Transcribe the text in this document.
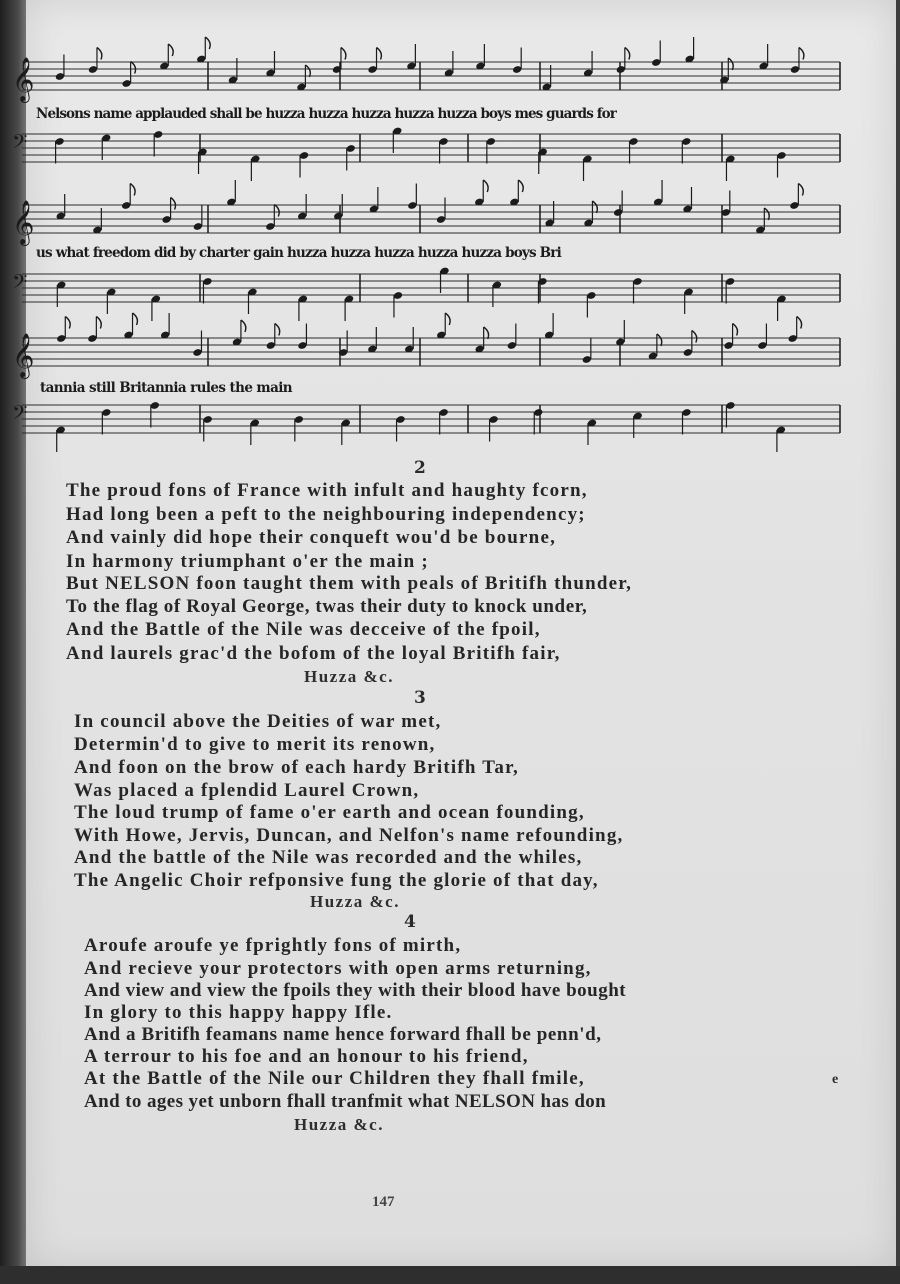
𝄞
𝄢
𝄞
𝄢
𝄞
𝄢
Nelsons name applauded shall be huzza huzza huzza huzza huzza boys mes guards for
us what freedom did by charter gain huzza huzza huzza huzza huzza boys Bri
tannia still Britannia rules the main
2
The proud fons of France with infult and haughty fcorn,
Had long been a peft to the neighbouring independency;
And vainly did hope their conqueft wou'd be bourne,
In harmony triumphant o'er the main ;
But NELSON foon taught them with peals of Britifh thunder,
To the flag of Royal George, twas their duty to knock under,
And the Battle of the Nile was decceive of the fpoil,
And laurels grac'd the bofom of the loyal Britifh fair,
Huzza &c.
3
In council above the Deities of war met,
Determin'd to give to merit its renown,
And foon on the brow of each hardy Britifh Tar,
Was placed a fplendid Laurel Crown,
The loud trump of fame o'er earth and ocean founding,
With Howe, Jervis, Duncan, and Nelfon's name refounding,
And the battle of the Nile was recorded and the whiles,
The Angelic Choir refponsive fung the glorie of that day,
Huzza &c.
4
Aroufe aroufe ye fprightly fons of mirth,
And recieve your protectors with open arms returning,
And view and view the fpoils they with their blood have bought
In glory to this happy happy Ifle.
And a Britifh feamans name hence forward fhall be penn'd,
A terrour to his foe and an honour to his friend,
At the Battle of the Nile our Children they fhall fmile,
And to ages yet unborn fhall tranfmit what NELSON has don
e
Huzza &c.
147
